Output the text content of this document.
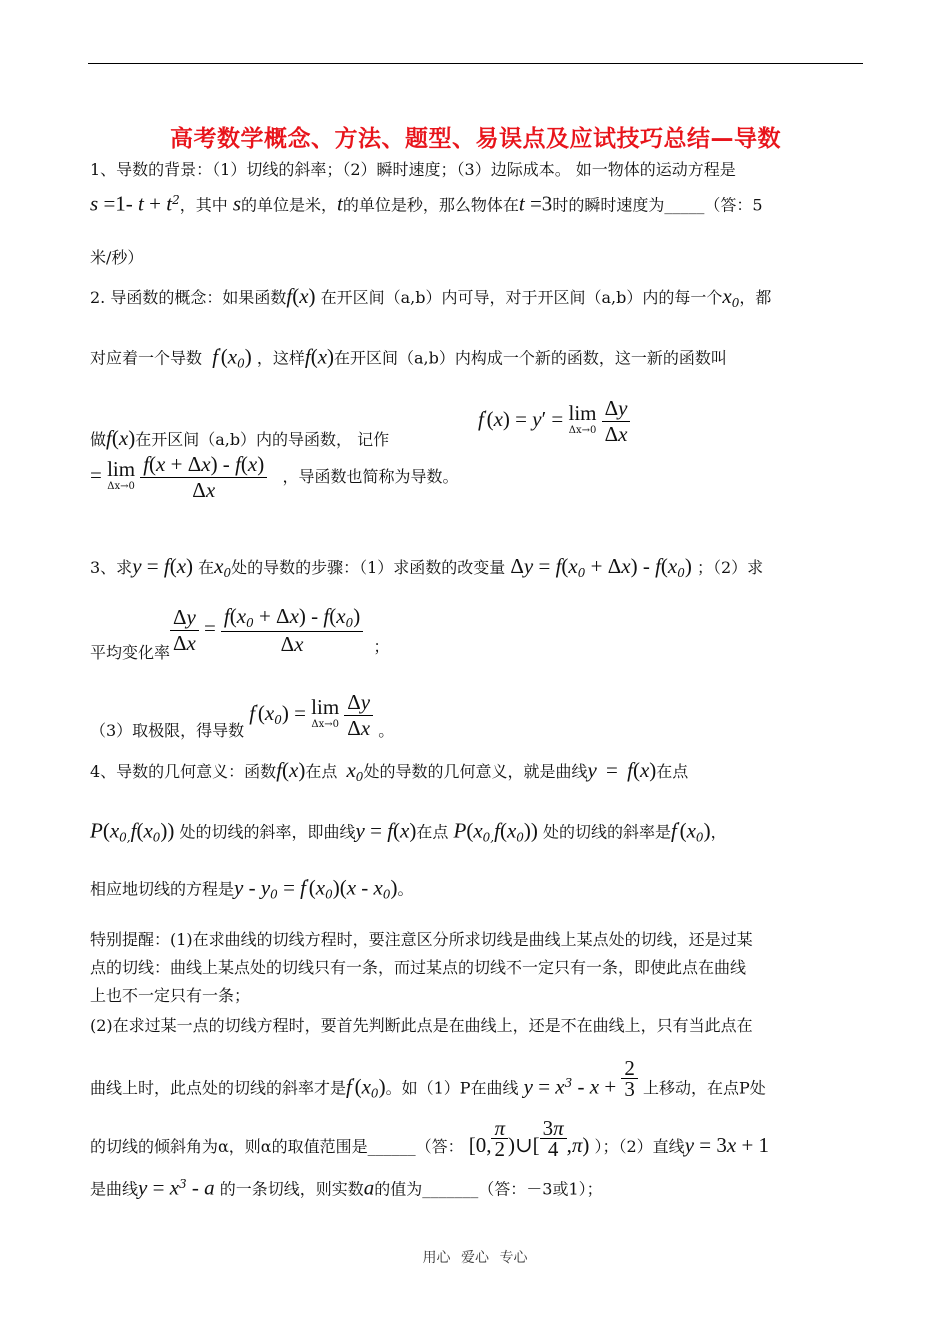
高考数学概念、方法、题型、易误点及应试技巧总结—导数
1、导数的背景：（1）切线的斜率；（2）瞬时速度；（3）边际成本。 如一物体的运动方程是
s =1- $t + t^2$，其中 s的单位是米，t的单位是秒，那么物体在t =3时的瞬时速度为_____（答：5
米/秒）
2. 导函数的概念：如果函数f(x) 在开区间（a,b）内可导，对于开区间（a,b）内的每一个$x_0$，都
对应着一个导数 $f'(x_0)$ ，这样f(x)在开区间（a,b）内构成一个新的函数，这一新的函数叫
f′(x) = y′ = lim
Δx→0
$\frac{\Delta y}{\Delta x}$
做f(x)在开区间（a,b）内的导函数， 记作
= lim
Δx→0
$\frac{f(x + \Delta x) - f(x)}{\Delta x}$ ，导函数也简称为导数。
3、求y = f(x) 在$x_0$处的导数的步骤：（1）求函数的改变量 $\Delta y = f(x_0 + \Delta x) - f(x_0)$ ；（2）求
平均变化率 $\frac{\Delta y}{\Delta x} = \frac{f(x_0 + \Delta x) - f(x_0)}{\Delta x}$ ；
（3）取极限，得导数 $f'(x_0) = \lim$
Δx→0
$\frac{\Delta y}{\Delta x}$ 。
4、导数的几何意义：函数f(x)在点 $x_0$处的导数的几何意义，就是曲线y = f(x)在点
$P(x_{0,}f(x_0))$ 处的切线的斜率，即曲线y = f(x)在点 $P(x_{0,}f(x_0))$ 处的切线的斜率是$f'(x_0)$，
相应地切线的方程是$y - y_0 = f'(x_0)(x - x_0)$。
特别提醒：(1)在求曲线的切线方程时，要注意区分所求切线是曲线上某点处的切线，还是过某
点的切线：曲线上某点处的切线只有一条，而过某点的切线不一定只有一条，即使此点在曲线
上也不一定只有一条；
(2)在求过某一点的切线方程时，要首先判断此点是在曲线上，还是不在曲线上，只有当此点在
曲线上时，此点处的切线的斜率才是$f'(x_0)$。如（1）P在曲线 $y = x^3 - x + \frac{2}{3}$ 上移动，在点P处
的切线的倾斜角为α，则α的取值范围是______（答： [0, $\frac{\pi}{2}$ )∪[ $\frac{3\pi}{4} ,\pi$) ）；（2）直线y = 3x + 1
是曲线$y = x^3 - a$ 的一条切线，则实数a的值为_______（答：－3或1）；
用心 爱心 专心
